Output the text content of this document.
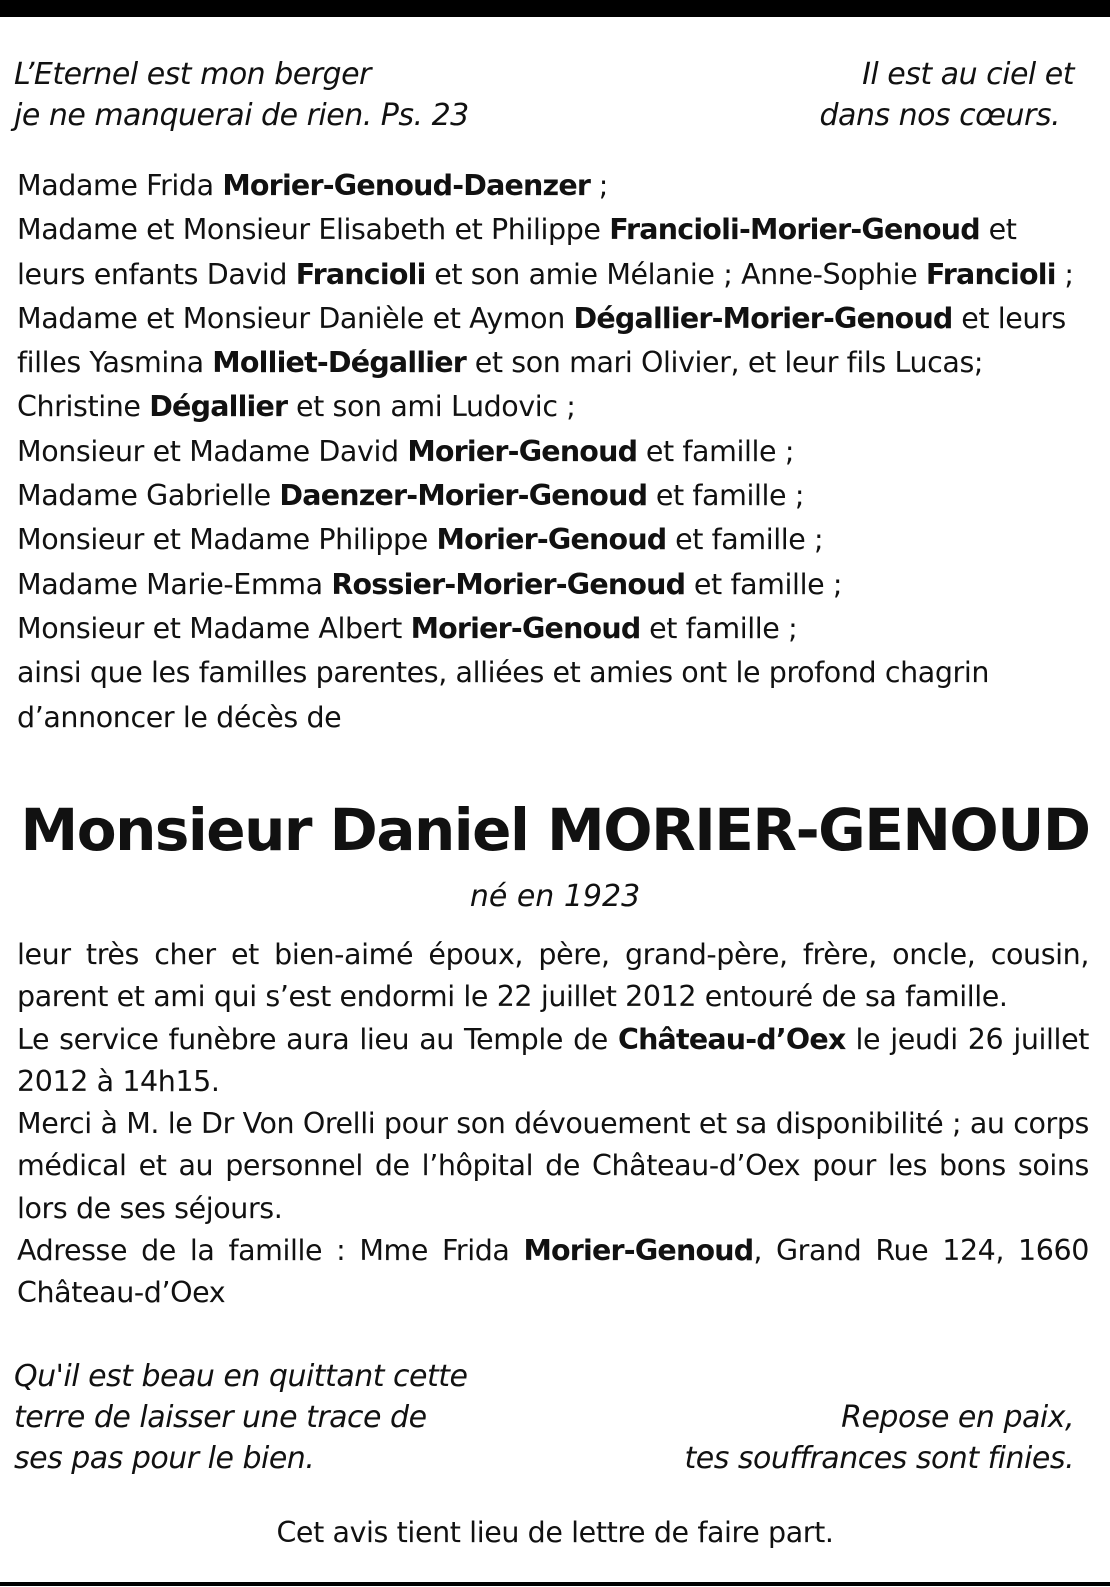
L’Eternel est mon berger
je ne manquerai de rien. Ps. 23
Il est au ciel et
dans nos cœurs.

Madame Frida Morier-Genoud-Daenzer ;

Madame et Monsieur Elisabeth et Philippe Francioli-Morier-Genoud et leurs enfants David Francioli et son amie Mélanie ; Anne-Sophie Francioli ;

Madame et Monsieur Danièle et Aymon Dégallier-Morier-Genoud et leurs filles Yasmina Molliet-Dégallier et son mari Olivier, et leur fils Lucas; Christine Dégallier et son ami Ludovic ;

Monsieur et Madame David Morier-Genoud et famille ;

Madame Gabrielle Daenzer-Morier-Genoud et famille ;

Monsieur et Madame Philippe Morier-Genoud et famille ;

Madame Marie-Emma Rossier-Morier-Genoud et famille ;

Monsieur et Madame Albert Morier-Genoud et famille ;

ainsi que les familles parentes, alliées et amies ont le profond chagrin d’annoncer le décès de

Monsieur Daniel MORIER-GENOUD
né en 1923

leur très cher et bien-aimé époux, père, grand-père, frère, oncle, cousin, parent et ami qui s’est endormi le 22 juillet 2012 entouré de sa famille.

Le service funèbre aura lieu au Temple de Château-d’Oex le jeudi 26 juillet 2012 à 14h15.

Merci à M. le Dr Von Orelli pour son dévouement et sa disponibilité ; au corps médical et au personnel de l’hôpital de Château-d’Oex pour les bons soins lors de ses séjours.

Adresse de la famille : Mme Frida Morier-Genoud, Grand Rue 124, 1660 Château-d’Oex

Qu'il est beau en quittant cette
terre de laisser une trace de
ses pas pour le bien.
Repose en paix,
tes souffrances sont finies.
Cet avis tient lieu de lettre de faire part.
